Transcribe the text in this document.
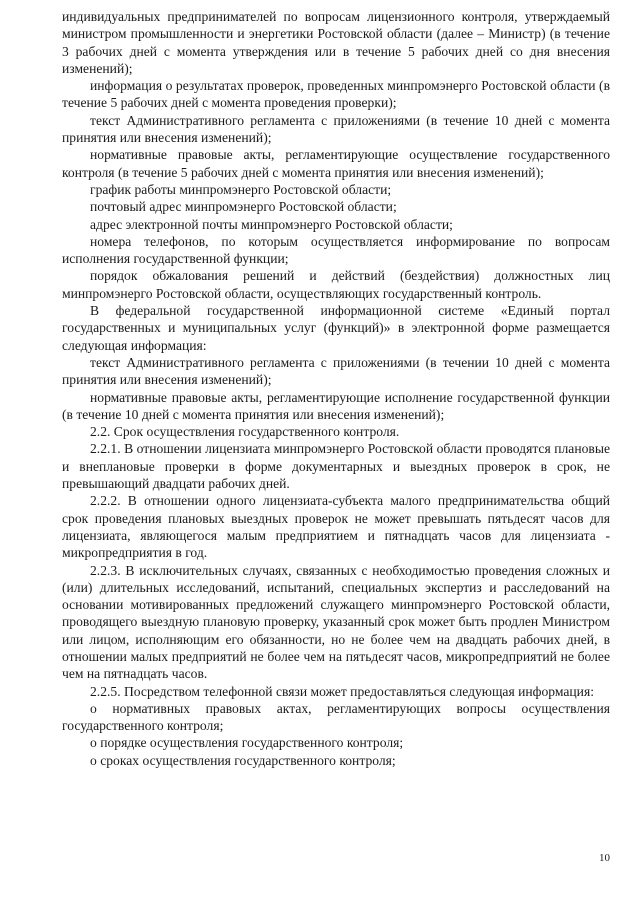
индивидуальных предпринимателей по вопросам лицензионного контроля, утверждаемый министром промышленности и энергетики Ростовской области (далее – Министр) (в течение 3 рабочих дней с момента утверждения или в течение 5 рабочих дней со дня внесения изменений);

информация о результатах проверок, проведенных минпромэнерго Ростовской области (в течение 5 рабочих дней с момента проведения проверки);

текст Административного регламента с приложениями (в течение 10 дней с момента принятия или внесения изменений);

нормативные правовые акты, регламентирующие осуществление государственного контроля (в течение 5 рабочих дней с момента принятия или внесения изменений);

график работы минпромэнерго Ростовской области;

почтовый адрес минпромэнерго Ростовской области;

адрес электронной почты минпромэнерго Ростовской области;

номера телефонов, по которым осуществляется информирование по вопросам исполнения государственной функции;

порядок обжалования решений и действий (бездействия) должностных лиц минпромэнерго Ростовской области, осуществляющих государственный контроль.

В федеральной государственной информационной системе «Единый портал государственных и муниципальных услуг (функций)» в электронной форме размещается следующая информация:

текст Административного регламента с приложениями (в течении 10 дней с момента принятия или внесения изменений);

нормативные правовые акты, регламентирующие исполнение государственной функции (в течение 10 дней с момента принятия или внесения изменений);

2.2. Срок осуществления государственного контроля.

2.2.1. В отношении лицензиата минпромэнерго Ростовской области проводятся плановые и внеплановые проверки в форме документарных и выездных проверок в срок, не превышающий двадцати рабочих дней.

2.2.2. В отношении одного лицензиата-субъекта малого предпринимательства общий срок проведения плановых выездных проверок не может превышать пятьдесят часов для лицензиата, являющегося малым предприятием и пятнадцать часов для лицензиата - микропредприятия в год.

2.2.3. В исключительных случаях, связанных с необходимостью проведения сложных и (или) длительных исследований, испытаний, специальных экспертиз и расследований на основании мотивированных предложений служащего минпромэнерго Ростовской области, проводящего выездную плановую проверку, указанный срок может быть продлен Министром или лицом, исполняющим его обязанности, но не более чем на двадцать рабочих дней, в отношении малых предприятий не более чем на пятьдесят часов, микропредприятий не более чем на пятнадцать часов.

2.2.5. Посредством телефонной связи может предоставляться следующая информация:

о нормативных правовых актах, регламентирующих вопросы осуществления государственного контроля;

о порядке осуществления государственного контроля;

о сроках осуществления государственного контроля;

10
